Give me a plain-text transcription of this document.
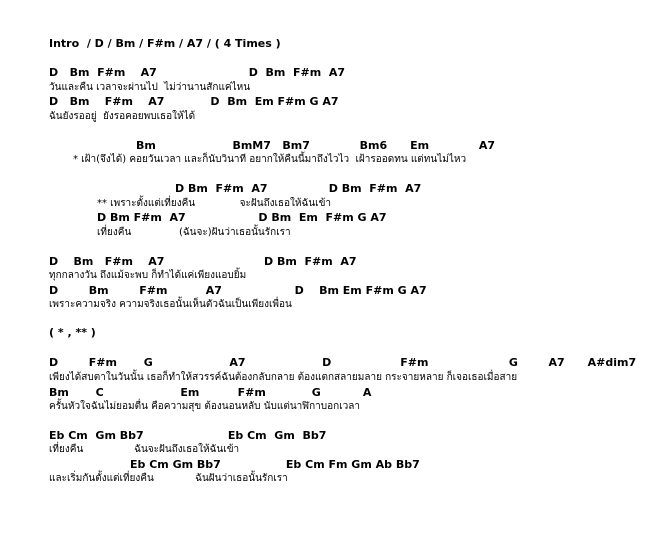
Intro  / D / Bm / F#m / A7 / ( 4 Times )
D   Bm  F#m    A7                        D  Bm  F#m  A7
วันและคืน เวลาจะผ่านไป  ไม่ว่านานสักแค่ไหน
D   Bm    F#m    A7            D  Bm  Em F#m G A7
ฉันยังรออยู่  ยังรอคอยพบเธอให้ได้
Bm                    BmM7   Bm7             Bm6      Em             A7
* เฝ้า(จึงได้) คอยวันเวลา และก็นับวินาที อยากให้คืนนี้มาถึงไวไว  เฝ้ารออดทน แต่ทนไม่ไหว
D Bm  F#m  A7                D Bm  F#m  A7
** เพราะตั้งแต่เที่ยงคืน              จะฝันถึงเธอให้ฉันเข้า
D Bm F#m  A7                   D Bm  Em  F#m G A7
เที่ยงคืน               (ฉันจะ)ฝันว่าเธอนั้นรักเรา
D    Bm   F#m    A7                          D Bm  F#m  A7
ทุกกลางวัน ถึงแม้จะพบ ก็ทำได้แค่เพียงแอบยิ้ม
D        Bm        F#m          A7                   D    Bm Em F#m G A7
เพราะความจริง ความจริงเธอนั้นเห็นตัวฉันเป็นเพียงเพื่อน
( * , ** )
D        F#m       G                    A7                    D                  F#m                     G        A7      A#dim7
เพียงได้สบตาในวันนั้น เธอก็ทำให้สวรรค์ฉันต้องกลับกลาย ต้องแตกสลายมลาย กระจายหลาย ก็เจอเธอเมื่อสาย
Bm       C                    Em          F#m            G           A
ครั้นหัวใจฉันไม่ยอมตื่น คือความสุข ต้องนอนหลับ นับแต่นาฬิกาบอกเวลา
Eb Cm  Gm Bb7                      Eb Cm  Gm  Bb7
เที่ยงคืน                ฉันจะฝันถึงเธอให้ฉันเข้า
Eb Cm Gm Bb7                 Eb Cm Fm Gm Ab Bb7
และเริ่มกันตั้งแต่เที่ยงคืน             ฉันฝันว่าเธอนั้นรักเรา
